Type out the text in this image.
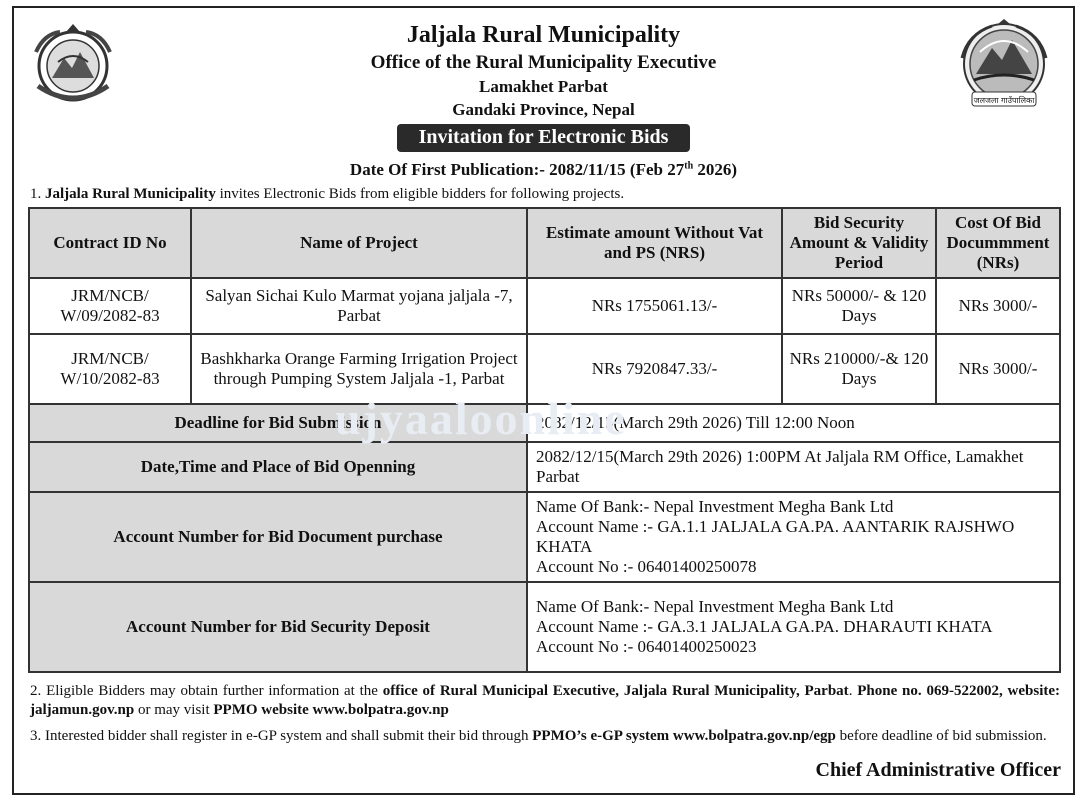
जलजला गाउँपालिका
Jaljala Rural Municipality
Office of the Rural Municipality Executive
Lamakhet Parbat
Gandaki Province, Nepal
Invitation for Electronic Bids
Date Of First Publication:- 2082/11/15 (Feb 27th 2026)
1. Jaljala Rural Municipality invites Electronic Bids from eligible bidders for following projects.
Contract ID No	Name of Project	Estimate amount Without Vat and PS (NRS)	Bid Security Amount & Validity Period	Cost Of Bid Docummment (NRs)
JRM/NCB/
W/09/2082-83	Salyan Sichai Kulo Marmat yojana jaljala -7, Parbat	NRs 1755061.13/-	NRs 50000/- & 120 Days	NRs 3000/-
JRM/NCB/
W/10/2082-83	Bashkharka Orange Farming Irrigation Project through Pumping System Jaljala -1, Parbat	NRs 7920847.33/-	NRs 210000/-& 120 Days	NRs 3000/-
Deadline for Bid Submission		2082/12/15(March 29th 2026) Till 12:00 Noon		
Date,Time and Place of Bid Openning		2082/12/15(March 29th 2026) 1:00PM At Jaljala RM Office, Lamakhet Parbat		
Account Number for Bid Document purchase		Name Of Bank:- Nepal Investment Megha Bank Ltd
Account Name :- GA.1.1 JALJALA GA.PA. AANTARIK RAJSHWO KHATA
Account No :- 06401400250078		
Account Number for Bid Security Deposit		Name Of Bank:- Nepal Investment Megha Bank Ltd
Account Name :- GA.3.1 JALJALA GA.PA. DHARAUTI KHATA
Account No :- 06401400250023		
ujyaaloonline
2. Eligible Bidders may obtain further information at the office of Rural Municipal Executive, Jaljala Rural Municipality, Parbat. Phone no. 069-522002, website: jaljamun.gov.np or may visit PPMO website www.bolpatra.gov.np
3. Interested bidder shall register in e-GP system and shall submit their bid through PPMO’s e-GP system www.bolpatra.gov.np/egp before deadline of bid submission.
Chief Administrative Officer
